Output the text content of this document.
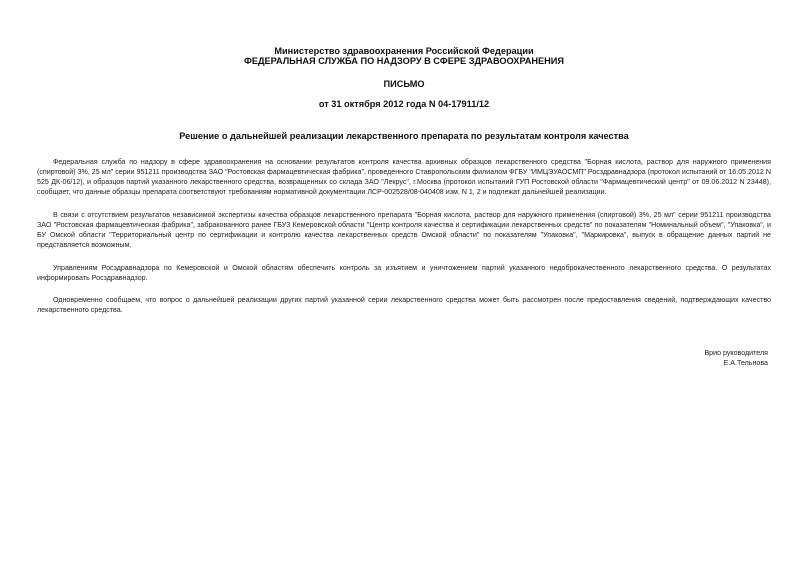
Министерство здравоохранения Российской Федерации
ФЕДЕРАЛЬНАЯ СЛУЖБА ПО НАДЗОРУ В СФЕРЕ ЗДРАВООХРАНЕНИЯ
ПИСЬМО
от 31 октября 2012 года N 04-17911/12
Решение о дальнейшей реализации лекарственного препарата по результатам контроля качества

Федеральная служба по надзору в сфере здравоохранения на основании результатов контроля качества архивных образцов лекарственного средства "Борная кислота, раствор для наружного применения (спиртовой) 3%, 25 мл" серии 951211 производства ЗАО "Ростовская фармацевтическая фабрика", проведенного Ставропольским филиалом ФГБУ "ИМЦЭУАОСМП" Росздравнадзора (протокол испытаний от 16.05.2012 N 525 ДК-06/12), и образцов партий указанного лекарственного средства, возвращенных со склада ЗАО "Лекрус", г.Москва (протокол испытаний ГУП Ростовской области "Фармацевтический центр" от 09.06.2012 N 23448), сообщает, что данные образцы препарата соответствуют требованиям нормативной документации ЛСР-002528/08-040408 изм. N 1, 2 и подлежат дальнейшей реализации.

В связи с отсутствием результатов независимой экспертизы качества образцов лекарственного препарата "Борная кислота, раствор для наружного применения (спиртовой) 3%, 25 мл" серии 951211 производства ЗАО "Ростовская фармацевтическая фабрика", забракованного ранее ГБУЗ Кемеровской области "Центр контроля качества и сертификации лекарственных средств" по показателям "Номинальный объем", "Упаковка", и БУ Омской области "Территориальный центр по сертификации и контролю качества лекарственных средств Омской области" по показателям "Упаковка", "Маркировка", выпуск в обращение данных партий не представляется возможным.

Управлениям Росздравнадзора по Кемеровской и Омской областям обеспечить контроль за изъятием и уничтожением партий указанного недоброкачественного лекарственного средства. О результатах информировать Росздравнадзор.

Одновременно сообщаем, что вопрос о дальнейшей реализации других партий указанной серии лекарственного средства может быть рассмотрен после предоставления сведений, подтверждающих качество лекарственного средства.

Врио руководителя
Е.А.Тельнова
